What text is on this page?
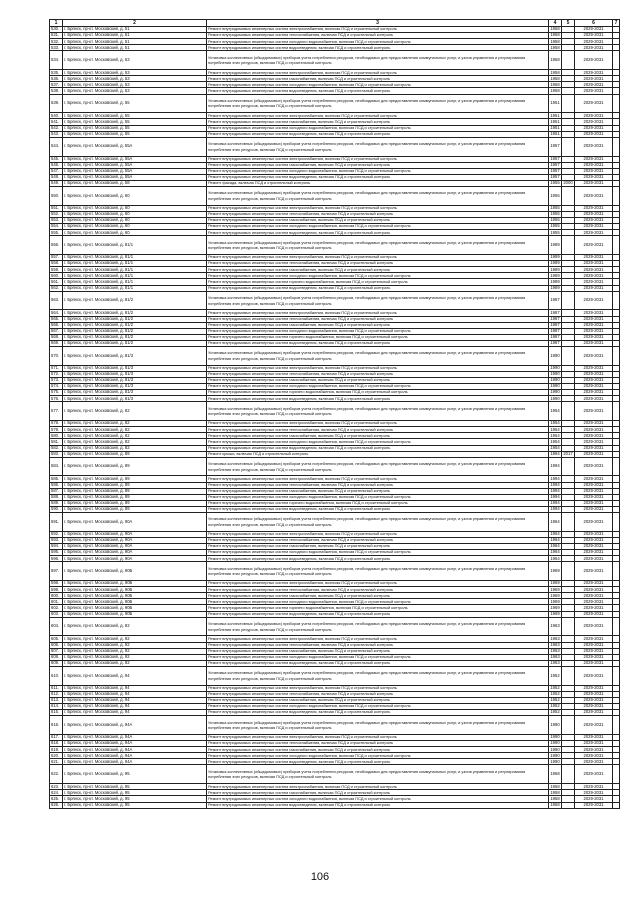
1	2	3	4	5	6	7
530.	г. Брянск, пр-кт. Московский, д. 51	Ремонт внутридомовых инженерных систем электроснабжения, включая ПСД и строительный контроль	1958		2029-2031	
531.	г. Брянск, пр-кт. Московский, д. 51	Ремонт внутридомовых инженерных систем теплоснабжения, включая ПСД и строительный контроль	1958		2029-2031	
532.	г. Брянск, пр-кт. Московский, д. 51	Ремонт внутридомовых инженерных систем холодного водоснабжения, включая ПСД и строительный контроль	1958		2029-2031	
533.	г. Брянск, пр-кт. Московский, д. 51	Ремонт внутридомовых инженерных систем водоотведения, включая ПСД и строительный контроль	1958		2029-2031	
534.	г. Брянск, пр-кт. Московский, д. 53	Установка коллективных (общедомовых) приборов учета потребления ресурсов, необходимых для предоставления коммунальных услуг, и узлов управления и регулирования потребления этих ресурсов, включая ПСД и строительный контроль	1958		2029-2031	
535.	г. Брянск, пр-кт. Московский, д. 53	Ремонт внутридомовых инженерных систем электроснабжения, включая ПСД и строительный контроль	1958		2029-2031	
536.	г. Брянск, пр-кт. Московский, д. 53	Ремонт внутридомовых инженерных систем газоснабжения, включая ПСД и строительный контроль	1958		2029-2031	
537.	г. Брянск, пр-кт. Московский, д. 53	Ремонт внутридомовых инженерных систем холодного водоснабжения, включая ПСД и строительный контроль	1958		2029-2031	
538.	г. Брянск, пр-кт. Московский, д. 53	Ремонт внутридомовых инженерных систем водоотведения, включая ПСД и строительный контроль	1958		2029-2031	
539.	г. Брянск, пр-кт. Московский, д. 55	Установка коллективных (общедомовых) приборов учета потребления ресурсов, необходимых для предоставления коммунальных услуг, и узлов управления и регулирования потребления этих ресурсов, включая ПСД и строительный контроль	1951		2029-2031	
540.	г. Брянск, пр-кт. Московский, д. 55	Ремонт внутридомовых инженерных систем электроснабжения, включая ПСД и строительный контроль	1951		2029-2031	
541.	г. Брянск, пр-кт. Московский, д. 55	Ремонт внутридомовых инженерных систем газоснабжения, включая ПСД и строительный контроль	1951		2029-2031	
542.	г. Брянск, пр-кт. Московский, д. 55	Ремонт внутридомовых инженерных систем холодного водоснабжения, включая ПСД и строительный контроль	1951		2029-2031	
543.	г. Брянск, пр-кт. Московский, д. 55	Ремонт внутридомовых инженерных систем водоотведения, включая ПСД и строительный контроль	1951		2029-2031	
544.	г. Брянск, пр-кт. Московский, д. 55А	Установка коллективных (общедомовых) приборов учета потребления ресурсов, необходимых для предоставления коммунальных услуг, и узлов управления и регулирования потребления этих ресурсов, включая ПСД и строительный контроль	1957		2029-2031	
545.	г. Брянск, пр-кт. Московский, д. 55А	Ремонт внутридомовых инженерных систем электроснабжения, включая ПСД и строительный контроль	1957		2029-2031	
546.	г. Брянск, пр-кт. Московский, д. 55А	Ремонт внутридомовых инженерных систем газоснабжения, включая ПСД и строительный контроль	1957		2029-2031	
547.	г. Брянск, пр-кт. Московский, д. 55А	Ремонт внутридомовых инженерных систем холодного водоснабжения, включая ПСД и строительный контроль	1957		2029-2031	
548.	г. Брянск, пр-кт. Московский, д. 55А	Ремонт внутридомовых инженерных систем водоотведения, включая ПСД и строительный контроль	1957		2029-2031	
549.	г. Брянск, пр-кт. Московский, д. 58	Ремонт фасада, включая ПСД и строительный контроль	1955	2000	2029-2031	
550.	г. Брянск, пр-кт. Московский, д. 60	Установка коллективных (общедомовых) приборов учета потребления ресурсов, необходимых для предоставления коммунальных услуг, и узлов управления и регулирования потребления этих ресурсов, включая ПСД и строительный контроль	1955		2029-2031	
551.	г. Брянск, пр-кт. Московский, д. 60	Ремонт внутридомовых инженерных систем электроснабжения, включая ПСД и строительный контроль	1955		2029-2031	
552.	г. Брянск, пр-кт. Московский, д. 60	Ремонт внутридомовых инженерных систем теплоснабжения, включая ПСД и строительный контроль	1955		2029-2031	
553.	г. Брянск, пр-кт. Московский, д. 60	Ремонт внутридомовых инженерных систем газоснабжения, включая ПСД и строительный контроль	1955		2029-2031	
554.	г. Брянск, пр-кт. Московский, д. 60	Ремонт внутридомовых инженерных систем холодного водоснабжения, включая ПСД и строительный контроль	1955		2029-2031	
555.	г. Брянск, пр-кт. Московский, д. 60	Ремонт внутридомовых инженерных систем водоотведения, включая ПСД и строительный контроль	1955		2029-2031	
556.	г. Брянск, пр-кт. Московский, д. 81/1	Установка коллективных (общедомовых) приборов учета потребления ресурсов, необходимых для предоставления коммунальных услуг, и узлов управления и регулирования потребления этих ресурсов, включая ПСД и строительный контроль	1989		2029-2031	
557.	г. Брянск, пр-кт. Московский, д. 81/1	Ремонт внутридомовых инженерных систем электроснабжения, включая ПСД и строительный контроль	1989		2029-2031	
558.	г. Брянск, пр-кт. Московский, д. 81/1	Ремонт внутридомовых инженерных систем теплоснабжения, включая ПСД и строительный контроль	1989		2029-2031	
559.	г. Брянск, пр-кт. Московский, д. 81/1	Ремонт внутридомовых инженерных систем газоснабжения, включая ПСД и строительный контроль	1989		2029-2031	
560.	г. Брянск, пр-кт. Московский, д. 81/1	Ремонт внутридомовых инженерных систем холодного водоснабжения, включая ПСД и строительный контроль	1989		2029-2031	
561.	г. Брянск, пр-кт. Московский, д. 81/1	Ремонт внутридомовых инженерных систем горячего водоснабжения, включая ПСД и строительный контроль	1989		2029-2031	
562.	г. Брянск, пр-кт. Московский, д. 81/1	Ремонт внутридомовых инженерных систем водоотведения, включая ПСД и строительный контроль	1989		2029-2031	
563.	г. Брянск, пр-кт. Московский, д. 81/2	Установка коллективных (общедомовых) приборов учета потребления ресурсов, необходимых для предоставления коммунальных услуг, и узлов управления и регулирования потребления этих ресурсов, включая ПСД и строительный контроль	1987		2029-2031	
564.	г. Брянск, пр-кт. Московский, д. 81/2	Ремонт внутридомовых инженерных систем электроснабжения, включая ПСД и строительный контроль	1987		2029-2031	
565.	г. Брянск, пр-кт. Московский, д. 81/2	Ремонт внутридомовых инженерных систем теплоснабжения, включая ПСД и строительный контроль	1987		2029-2031	
566.	г. Брянск, пр-кт. Московский, д. 81/2	Ремонт внутридомовых инженерных систем газоснабжения, включая ПСД и строительный контроль	1987		2029-2031	
567.	г. Брянск, пр-кт. Московский, д. 81/2	Ремонт внутридомовых инженерных систем холодного водоснабжения, включая ПСД и строительный контроль	1987		2029-2031	
568.	г. Брянск, пр-кт. Московский, д. 81/2	Ремонт внутридомовых инженерных систем горячего водоснабжения, включая ПСД и строительный контроль	1987		2029-2031	
569.	г. Брянск, пр-кт. Московский, д. 81/2	Ремонт внутридомовых инженерных систем водоотведения, включая ПСД и строительный контроль	1987		2029-2031	
570.	г. Брянск, пр-кт. Московский, д. 81/3	Установка коллективных (общедомовых) приборов учета потребления ресурсов, необходимых для предоставления коммунальных услуг, и узлов управления и регулирования потребления этих ресурсов, включая ПСД и строительный контроль	1990		2029-2031	
571.	г. Брянск, пр-кт. Московский, д. 81/3	Ремонт внутридомовых инженерных систем электроснабжения, включая ПСД и строительный контроль	1990		2029-2031	
572.	г. Брянск, пр-кт. Московский, д. 81/3	Ремонт внутридомовых инженерных систем теплоснабжения, включая ПСД и строительный контроль	1990		2029-2031	
573.	г. Брянск, пр-кт. Московский, д. 81/3	Ремонт внутридомовых инженерных систем газоснабжения, включая ПСД и строительный контроль	1990		2029-2031	
574.	г. Брянск, пр-кт. Московский, д. 81/3	Ремонт внутридомовых инженерных систем холодного водоснабжения, включая ПСД и строительный контроль	1990		2029-2031	
575.	г. Брянск, пр-кт. Московский, д. 81/3	Ремонт внутридомовых инженерных систем горячего водоснабжения, включая ПСД и строительный контроль	1990		2029-2031	
576.	г. Брянск, пр-кт. Московский, д. 81/3	Ремонт внутридомовых инженерных систем водоотведения, включая ПСД и строительный контроль	1990		2029-2031	
577.	г. Брянск, пр-кт. Московский, д. 82	Установка коллективных (общедомовых) приборов учета потребления ресурсов, необходимых для предоставления коммунальных услуг, и узлов управления и регулирования потребления этих ресурсов, включая ПСД и строительный контроль	1954		2029-2031	
578.	г. Брянск, пр-кт. Московский, д. 82	Ремонт внутридомовых инженерных систем электроснабжения, включая ПСД и строительный контроль	1954		2029-2031	
579.	г. Брянск, пр-кт. Московский, д. 82	Ремонт внутридомовых инженерных систем теплоснабжения, включая ПСД и строительный контроль	1954		2029-2031	
580.	г. Брянск, пр-кт. Московский, д. 82	Ремонт внутридомовых инженерных систем газоснабжения, включая ПСД и строительный контроль	1954		2029-2031	
581.	г. Брянск, пр-кт. Московский, д. 82	Ремонт внутридомовых инженерных систем холодного водоснабжения, включая ПСД и строительный контроль	1954		2029-2031	
582.	г. Брянск, пр-кт. Московский, д. 82	Ремонт внутридомовых инженерных систем водоотведения, включая ПСД и строительный контроль	1954		2029-2031	
583.	г. Брянск, пр-кт. Московский, д. 89	Ремонт крыши, включая ПСД и строительный контроль	1994	2017	2029-2031	
584.	г. Брянск, пр-кт. Московский, д. 89	Установка коллективных (общедомовых) приборов учета потребления ресурсов, необходимых для предоставления коммунальных услуг, и узлов управления и регулирования потребления этих ресурсов, включая ПСД и строительный контроль	1994		2029-2031	
585.	г. Брянск, пр-кт. Московский, д. 89	Ремонт внутридомовых инженерных систем электроснабжения, включая ПСД и строительный контроль	1994		2029-2031	
586.	г. Брянск, пр-кт. Московский, д. 89	Ремонт внутридомовых инженерных систем теплоснабжения, включая ПСД и строительный контроль	1994		2029-2031	
587.	г. Брянск, пр-кт. Московский, д. 89	Ремонт внутридомовых инженерных систем газоснабжения, включая ПСД и строительный контроль	1994		2029-2031	
588.	г. Брянск, пр-кт. Московский, д. 89	Ремонт внутридомовых инженерных систем холодного водоснабжения, включая ПСД и строительный контроль	1994		2029-2031	
589.	г. Брянск, пр-кт. Московский, д. 89	Ремонт внутридомовых инженерных систем горячего водоснабжения, включая ПСД и строительный контроль	1994		2029-2031	
590.	г. Брянск, пр-кт. Московский, д. 89	Ремонт внутридомовых инженерных систем водоотведения, включая ПСД и строительный контроль	1994		2029-2031	
591.	г. Брянск, пр-кт. Московский, д. 90А	Установка коллективных (общедомовых) приборов учета потребления ресурсов, необходимых для предоставления коммунальных услуг, и узлов управления и регулирования потребления этих ресурсов, включая ПСД и строительный контроль	1964		2029-2031	
592.	г. Брянск, пр-кт. Московский, д. 90А	Ремонт внутридомовых инженерных систем электроснабжения, включая ПСД и строительный контроль	1964		2029-2031	
593.	г. Брянск, пр-кт. Московский, д. 90А	Ремонт внутридомовых инженерных систем теплоснабжения, включая ПСД и строительный контроль	1964		2029-2031	
594.	г. Брянск, пр-кт. Московский, д. 90А	Ремонт внутридомовых инженерных систем газоснабжения, включая ПСД и строительный контроль	1964		2029-2031	
595.	г. Брянск, пр-кт. Московский, д. 90А	Ремонт внутридомовых инженерных систем холодного водоснабжения, включая ПСД и строительный контроль	1964		2029-2031	
596.	г. Брянск, пр-кт. Московский, д. 90А	Ремонт внутридомовых инженерных систем водоотведения, включая ПСД и строительный контроль	1964		2029-2031	
597.	г. Брянск, пр-кт. Московский, д. 90Б	Установка коллективных (общедомовых) приборов учета потребления ресурсов, необходимых для предоставления коммунальных услуг, и узлов управления и регулирования потребления этих ресурсов, включая ПСД и строительный контроль	1969		2029-2031	
598.	г. Брянск, пр-кт. Московский, д. 90Б	Ремонт внутридомовых инженерных систем электроснабжения, включая ПСД и строительный контроль	1969		2029-2031	
599.	г. Брянск, пр-кт. Московский, д. 90Б	Ремонт внутридомовых инженерных систем теплоснабжения, включая ПСД и строительный контроль	1969		2029-2031	
600.	г. Брянск, пр-кт. Московский, д. 90Б	Ремонт внутридомовых инженерных систем газоснабжения, включая ПСД и строительный контроль	1969		2029-2031	
601.	г. Брянск, пр-кт. Московский, д. 90Б	Ремонт внутридомовых инженерных систем холодного водоснабжения, включая ПСД и строительный контроль	1969		2029-2031	
602.	г. Брянск, пр-кт. Московский, д. 90Б	Ремонт внутридомовых инженерных систем горячего водоснабжения, включая ПСД и строительный контроль	1969		2029-2031	
603.	г. Брянск, пр-кт. Московский, д. 90Б	Ремонт внутридомовых инженерных систем водоотведения, включая ПСД и строительный контроль	1969		2029-2031	
604.	г. Брянск, пр-кт. Московский, д. 92	Установка коллективных (общедомовых) приборов учета потребления ресурсов, необходимых для предоставления коммунальных услуг, и узлов управления и регулирования потребления этих ресурсов, включая ПСД и строительный контроль	1963		2029-2031	
605.	г. Брянск, пр-кт. Московский, д. 92	Ремонт внутридомовых инженерных систем электроснабжения, включая ПСД и строительный контроль	1963		2029-2031	
606.	г. Брянск, пр-кт. Московский, д. 92	Ремонт внутридомовых инженерных систем теплоснабжения, включая ПСД и строительный контроль	1963		2029-2031	
607.	г. Брянск, пр-кт. Московский, д. 92	Ремонт внутридомовых инженерных систем газоснабжения, включая ПСД и строительный контроль	1963		2029-2031	
608.	г. Брянск, пр-кт. Московский, д. 92	Ремонт внутридомовых инженерных систем холодного водоснабжения, включая ПСД и строительный контроль	1963		2029-2031	
609.	г. Брянск, пр-кт. Московский, д. 92	Ремонт внутридомовых инженерных систем водоотведения, включая ПСД и строительный контроль	1963		2029-2031	
610.	г. Брянск, пр-кт. Московский, д. 94	Установка коллективных (общедомовых) приборов учета потребления ресурсов, необходимых для предоставления коммунальных услуг, и узлов управления и регулирования потребления этих ресурсов, включая ПСД и строительный контроль	1952		2029-2031	
611.	г. Брянск, пр-кт. Московский, д. 94	Ремонт внутридомовых инженерных систем электроснабжения, включая ПСД и строительный контроль	1952		2029-2031	
612.	г. Брянск, пр-кт. Московский, д. 94	Ремонт внутридомовых инженерных систем теплоснабжения, включая ПСД и строительный контроль	1952		2029-2031	
613.	г. Брянск, пр-кт. Московский, д. 94	Ремонт внутридомовых инженерных систем газоснабжения, включая ПСД и строительный контроль	1952		2029-2031	
614.	г. Брянск, пр-кт. Московский, д. 94	Ремонт внутридомовых инженерных систем холодного водоснабжения, включая ПСД и строительный контроль	1952		2029-2031	
615.	г. Брянск, пр-кт. Московский, д. 94	Ремонт внутридомовых инженерных систем водоотведения, включая ПСД и строительный контроль	1952		2029-2031	
616.	г. Брянск, пр-кт. Московский, д. 94А	Установка коллективных (общедомовых) приборов учета потребления ресурсов, необходимых для предоставления коммунальных услуг, и узлов управления и регулирования потребления этих ресурсов, включая ПСД и строительный контроль	1990		2029-2031	
617.	г. Брянск, пр-кт. Московский, д. 94А	Ремонт внутридомовых инженерных систем электроснабжения, включая ПСД и строительный контроль	1990		2029-2031	
618.	г. Брянск, пр-кт. Московский, д. 94А	Ремонт внутридомовых инженерных систем теплоснабжения, включая ПСД и строительный контроль	1990		2029-2031	
619.	г. Брянск, пр-кт. Московский, д. 94А	Ремонт внутридомовых инженерных систем газоснабжения, включая ПСД и строительный контроль	1990		2029-2031	
620.	г. Брянск, пр-кт. Московский, д. 94А	Ремонт внутридомовых инженерных систем холодного водоснабжения, включая ПСД и строительный контроль	1990		2029-2031	
621.	г. Брянск, пр-кт. Московский, д. 94А	Ремонт внутридомовых инженерных систем водоотведения, включая ПСД и строительный контроль	1990		2029-2031	
622.	г. Брянск, пр-кт. Московский, д. 95	Установка коллективных (общедомовых) приборов учета потребления ресурсов, необходимых для предоставления коммунальных услуг, и узлов управления и регулирования потребления этих ресурсов, включая ПСД и строительный контроль	1958		2029-2031	
623.	г. Брянск, пр-кт. Московский, д. 95	Ремонт внутридомовых инженерных систем электроснабжения, включая ПСД и строительный контроль	1958		2029-2031	
624.	г. Брянск, пр-кт. Московский, д. 95	Ремонт внутридомовых инженерных систем газоснабжения, включая ПСД и строительный контроль	1958		2029-2031	
625.	г. Брянск, пр-кт. Московский, д. 95	Ремонт внутридомовых инженерных систем холодного водоснабжения, включая ПСД и строительный контроль	1958		2029-2031	
626.	г. Брянск, пр-кт. Московский, д. 95	Ремонт внутридомовых инженерных систем водоотведения, включая ПСД и строительный контроль	1958		2029-2031	
106
